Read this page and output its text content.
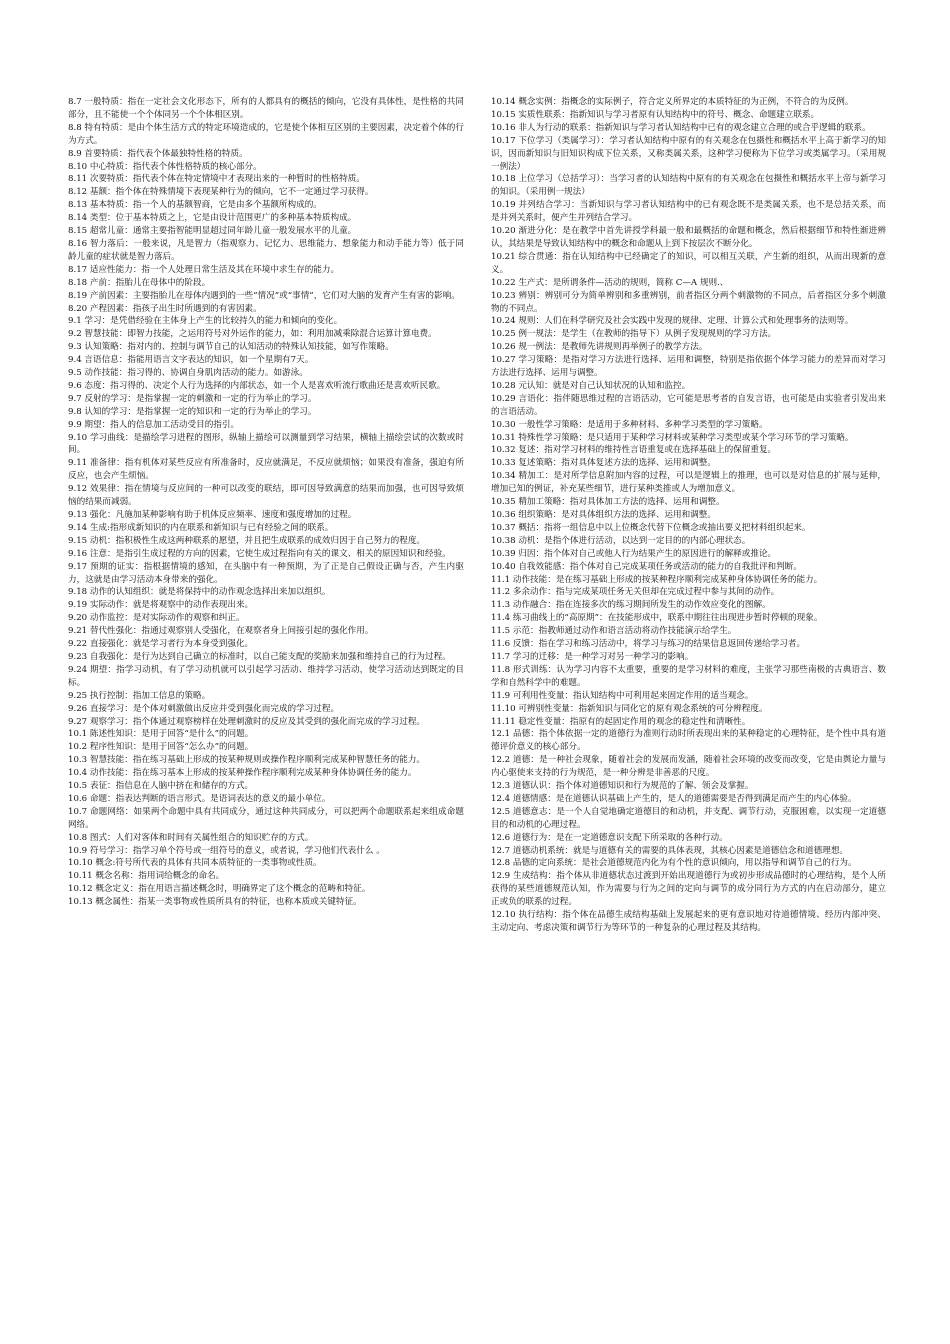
8.7 一般特质：指在一定社会文化形态下，所有的人都具有的概括的倾向，它没有具体性，是性格的共同部分，且不能使一个个体同另一个个体相区别。

8.8 特有特质：是由个体生活方式的特定环境造成的，它是使个体相互区别的主要因素，决定着个体的行为方式。

8.9 首要特质：指代表个体最独特性格的特质。

8.10 中心特质：指代表个体性格特质的核心部分。

8.11 次要特质：指代表个体在特定情境中才表现出来的一种暂时的性格特质。

8.12 基额：指个体在特殊情境下表现某种行为的倾向，它不一定通过学习获得。

8.13 基本特质：指一个人的基额智商，它是由多个基额所构成的。

8.14 类型：位于基本特质之上，它是由设计范围更广的多种基本特质构成。

8.15 超常儿童：通常主要指智能明显超过同年龄儿童一般发展水平的儿童。

8.16 智力落后：一般来说，凡是智力（指观察力、记忆力、思维能力、想象能力和动手能力等）低于同龄儿童的症状就是智力落后。

8.17 适应性能力：指一个人处理日常生活及其在环境中求生存的能力。

8.18 产前：指胎儿在母体中的阶段。

8.19 产前因素：主要指胎儿在母体内遇到的一些“情况”或“事情”，它们对大脑的发育产生有害的影响。

8.20 产程因素：指孩子出生时所遇到的有害因素。

9.1 学习：是凭借经验在主体身上产生的比较持久的能力和倾向的变化。

9.2 智慧技能：即智力技能，之运用符号对外运作的能力，如：利用加减乘除混合运算计算电费。

9.3 认知策略：指对内的、控制与调节自己的认知活动的特殊认知技能，如写作策略。

9.4 言语信息：指能用语言文字表达的知识，如一个星期有7天。

9.5 动作技能：指习得的、协调自身肌肉活动的能力。如游泳。

9.6 态度：指习得的、决定个人行为选择的内部状态，如一个人是喜欢听流行歌曲还是喜欢听民歌。

9.7 反射的学习：是指掌握一定的刺激和一定的行为举止的学习。

9.8 认知的学习：是指掌握一定的知识和一定的行为举止的学习。

9.9 期望：指人的信息加工活动受目的指引。

9.10 学习曲线：是描绘学习进程的图形，纵轴上描绘可以测量到学习结果，横轴上描绘尝试的次数或时间。

9.11 准备律：指有机体对某些反应有所准备时，反应就满足，不反应就烦恼；如果没有准备，强迫有所反应，也会产生烦恼。

9.12 效果律：指在情境与反应间的一种可以改变的联结，即可因导致满意的结果而加强，也可因导致烦恼的结果而减弱。

9.13 强化：凡施加某种影响有助于机体反应频率、速度和强度增加的过程。

9.14 生成:指形成新知识的内在联系和新知识与已有经验之间的联系。

9.15 动机：指积极性生成这两种联系的愿望，并且把生成联系的成效归因于自己努力的程度。

9.16 注意：是指引生成过程的方向的因素，它使生成过程指向有关的课文、相关的原因知识和经验。

9.17 预期的证实：指根据情境的感知，在头脑中有一种预期，为了正是自己假设正确与否，产生内驱力，这就是由学习活动本身带来的强化。

9.18 动作的认知组织：就是将保持中的动作观念选择出来加以组织。

9.19 实际动作：就是将观察中的动作表现出来。

9.20 动作监控：是对实际动作的观察和纠正。

9.21 替代性强化：指通过观察别人受强化，在观察者身上间接引起的强化作用。

9.22 直接强化：就是学习者行为本身受到强化。

9.23 自我强化：是行为达到自己确立的标准时，以自己能支配的奖励来加强和维持自己的行为过程。

9.24 期望：指学习动机，有了学习动机就可以引起学习活动、维持学习活动，使学习活动达到既定的目标。

9.25 执行控制：指加工信息的策略。

9.26 直接学习：是个体对刺激做出反应并受到强化而完成的学习过程。

9.27 观察学习：指个体通过观察榜样在处理刺激时的反应及其受到的强化而完成的学习过程。

10.1 陈述性知识：是用于回答“是什么”的问题。

10.2 程序性知识：是用于回答“怎么办”的问题。

10.3 智慧技能：指在练习基础上形成的按某种规则或操作程序顺利完成某种智慧任务的能力。

10.4 动作技能：指在练习基本上形成的按某种操作程序顺利完成某种身体协调任务的能力。

10.5 表征：指信息在人脑中挤在和储存的方式。

10.6 命题：指表达判断的语言形式。是语词表达的意义的最小单位。

10.7 命题网络：如果两个命题中具有共同成分，通过这种共同成分，可以把两个命题联系起来组成命题网络。

10.8 图式：人们对客体和时间有关属性组合的知识贮存的方式。

10.9 符号学习：指学习单个符号或一组符号的意义，或者说，学习他们代表什么 。

10.10 概念:符号所代表的具体有共同本质特征的一类事物或性质。

10.11 概念名称：指用词给概念的命名。

10.12 概念定义：指在用语言描述概念时，明确界定了这个概念的范畴和特征。

10.13 概念属性：指某一类事物或性质所具有的特征，也称本质或关键特征。

10.14 概念实例：指概念的实际例子，符合定义所界定的本质特征的为正例，不符合的为反例。

10.15 实质性联系：指新知识与学习者原有认知结构中的符号、概念、命题建立联系。

10.16 非人为行动的联系：指新知识与学习者认知结构中已有的观念建立合理的或合乎逻辑的联系。

10.17 下位学习（类属学习）：学习者认知结构中原有的有关观念在包摄性和概括水平上高于新学习的知识，因而新知识与旧知识构成下位关系，又称类属关系，这种学习便称为下位学习或类属学习。（采用规一例法）

10.18 上位学习（总括学习）：当学习者的认知结构中原有的有关观念在包摄性和概括水平上帝与新学习的知识。（采用例一规法）

10.19 并列结合学习：当新知识与学习者认知结构中的已有观念既不是类属关系，也不是总括关系，而是并列关系时，便产生并列结合学习。

10.20 渐进分化：是在教学中首先讲授学科最一般和最概括的命题和概念，然后根据细节和特性渐进辨认，其结果是导致认知结构中的概念和命题从上到下按层次不断分化。

10.21 综合贯通：指在认知结构中已经确定了的知识，可以相互关联，产生新的组织，从而出现新的意义。

10.22 生产式：是所谓条件—活动的规则，简称 C—A 规则.、

10.23 辨别：辨别可分为简单辨别和多重辨别，前者指区分两个刺激物的不同点，后者指区分多个刺激物的不同点。

10.24 规则：人们在科学研究及社会实践中发现的规律、定理、计算公式和处理事务的法则等。

10.25 例一规法：是学生（在教师的指导下）从例子发现规则的学习方法。

10.26 规一例法：是教师先讲规则再举例子的教学方法。

10.27 学习策略：是指对学习方法进行选择、运用和调整，特别是指依据个体学习能力的差异而对学习方法进行选择、运用与调整。

10.28 元认知：就是对自己认知状况的认知和监控。

10.29 言语化：指伴随思维过程的言语活动，它可能是思考者的自发言语，也可能是由实验者引发出来的言语活动。

10.30 一般性学习策略：是适用于多种材料、多种学习类型的学习策略。

10.31 特殊性学习策略：是只适用于某种学习材料或某种学习类型或某个学习环节的学习策略。

10.32 复述：指对学习材料的维持性言语重复或在选择基础上的保留重复。

10.33 复述策略：指对具体复述方法的选择、运用和调整。

10.34 精加工：是对所学信息附加内容的过程，可以是逻辑上的推理，也可以是对信息的扩展与延伸，增加已知的例证，补充某些细节，进行某种类推或人为增加意义。

10.35 精加工策略：指对具体加工方法的选择、运用和调整。

10.36 组织策略：是对具体组织方法的选择、运用和调整。

10.37 概括：指将一组信息中以上位概念代替下位概念或抽出要义把材料组织起来。

10.38 动机：是指个体进行活动，以达到一定目的的内部心理状态。

10.39 归因：指个体对自己或他人行为结果产生的原因进行的解释或推论。

10.40 自我效能感：指个体对自己完成某项任务或活动的能力的自我批评和判断。

11.1 动作技能：是在练习基础上形成的按某种程序顺利完成某种身体协调任务的能力。

11.2 多余动作：指与完成某项任务无关但却在完成过程中参与其间的动作。

11.3 动作融合：指在连接多次的练习期间所发生的动作效应变化的图解。

11.4 练习曲线上的“高原期”：在技能形成中，联系中期往往出现进步暂时停顿的现象。

11.5 示范：指教师通过动作和语言活动将动作技能演示给学生。

11.6 反馈：指在学习和练习活动中，将学习与练习的结果信息返回传递给学习者。

11.7 学习的迁移：是一种学习对另一种学习的影响。

11.8 形式训练：认为学习内容不太重要，重要的是学习材料的难度，主张学习那些南极的古典语言、数学和自然科学中的难题。

11.9 可利用性变量：指认知结构中可利用起来固定作用的适当观念。

11.10 可辨别性变量：指新知识与同化它的原有观念系统的可分辨程度。

11.11 稳定性变量：指原有的起固定作用的观念的稳定性和清晰性。

12.1 品德：指个体依据一定的道德行为准则行动时所表现出来的某种稳定的心理特征，是个性中具有道德评价意义的核心部分。

12.2 道德：是一种社会现象，随着社会的发展而发涵，随着社会环境的改变而改变，它是由舆论力量与内心驱使来支持的行为规范，是一种分辨是非善恶的尺度。

12.3 道德认识：指个体对道德知识和行为规范的了解、领会及掌握。

12.4 道德情感：是在道德认识基础上产生的，是人的道德需要是否得到满足而产生的内心体验。

12.5 道德意志：是一个人自觉地确定道德目的和动机，并支配、调节行动，克服困难，以实现一定道德目的和动机的心理过程。

12.6 道德行为：是在一定道德意识支配下所采取的各种行动。

12.7 道德动机系统：就是与道德有关的需要的具体表现，其核心因素是道德信念和道德理想。

12.8 品德的定向系统：是社会道德规范内化为有个性的意识倾向，用以指导和调节自己的行为。

12.9 生成结构：指个体从非道德状态过渡到开始出现道德行为或初步形成品德时的心理结构，是个人所获得的某些道德规范认知，作为需要与行为之间的定向与调节的成分同行为方式的内在启动部分，建立正或负的联系的过程。

12.10 执行结构：指个体在品德生成结构基础上发展起来的更有意识地对待道德情境、经历内部冲突、主动定向、考虑决策和调节行为等环节的一种复杂的心理过程及其结构。
